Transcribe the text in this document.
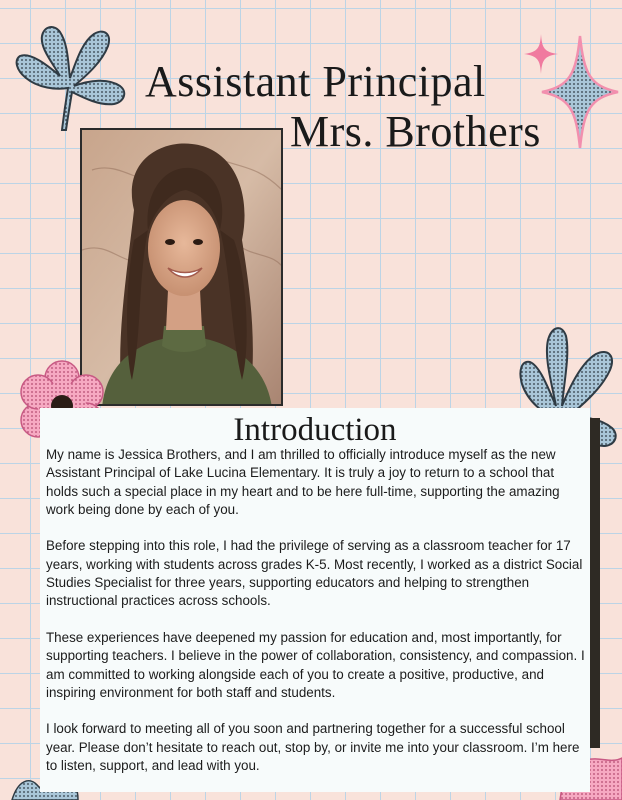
Assistant Principal
Mrs. Brothers
Introduction

My name is Jessica Brothers, and I am thrilled to officially introduce myself as the new Assistant Principal of Lake Lucina Elementary. It is truly a joy to return to a school that holds such a special place in my heart and to be here full-time, supporting the amazing work being done by each of you.

Before stepping into this role, I had the privilege of serving as a classroom teacher for 17 years, working with students across grades K-5. Most recently, I worked as a district Social Studies Specialist for three years, supporting educators and helping to strengthen instructional practices across schools.

These experiences have deepened my passion for education and, most importantly, for supporting teachers. I believe in the power of collaboration, consistency, and compassion. I am committed to working alongside each of you to create a positive, productive, and inspiring environment for both staff and students.

I look forward to meeting all of you soon and partnering together for a successful school year. Please don’t hesitate to reach out, stop by, or invite me into your classroom. I’m here to listen, support, and lead with you.
